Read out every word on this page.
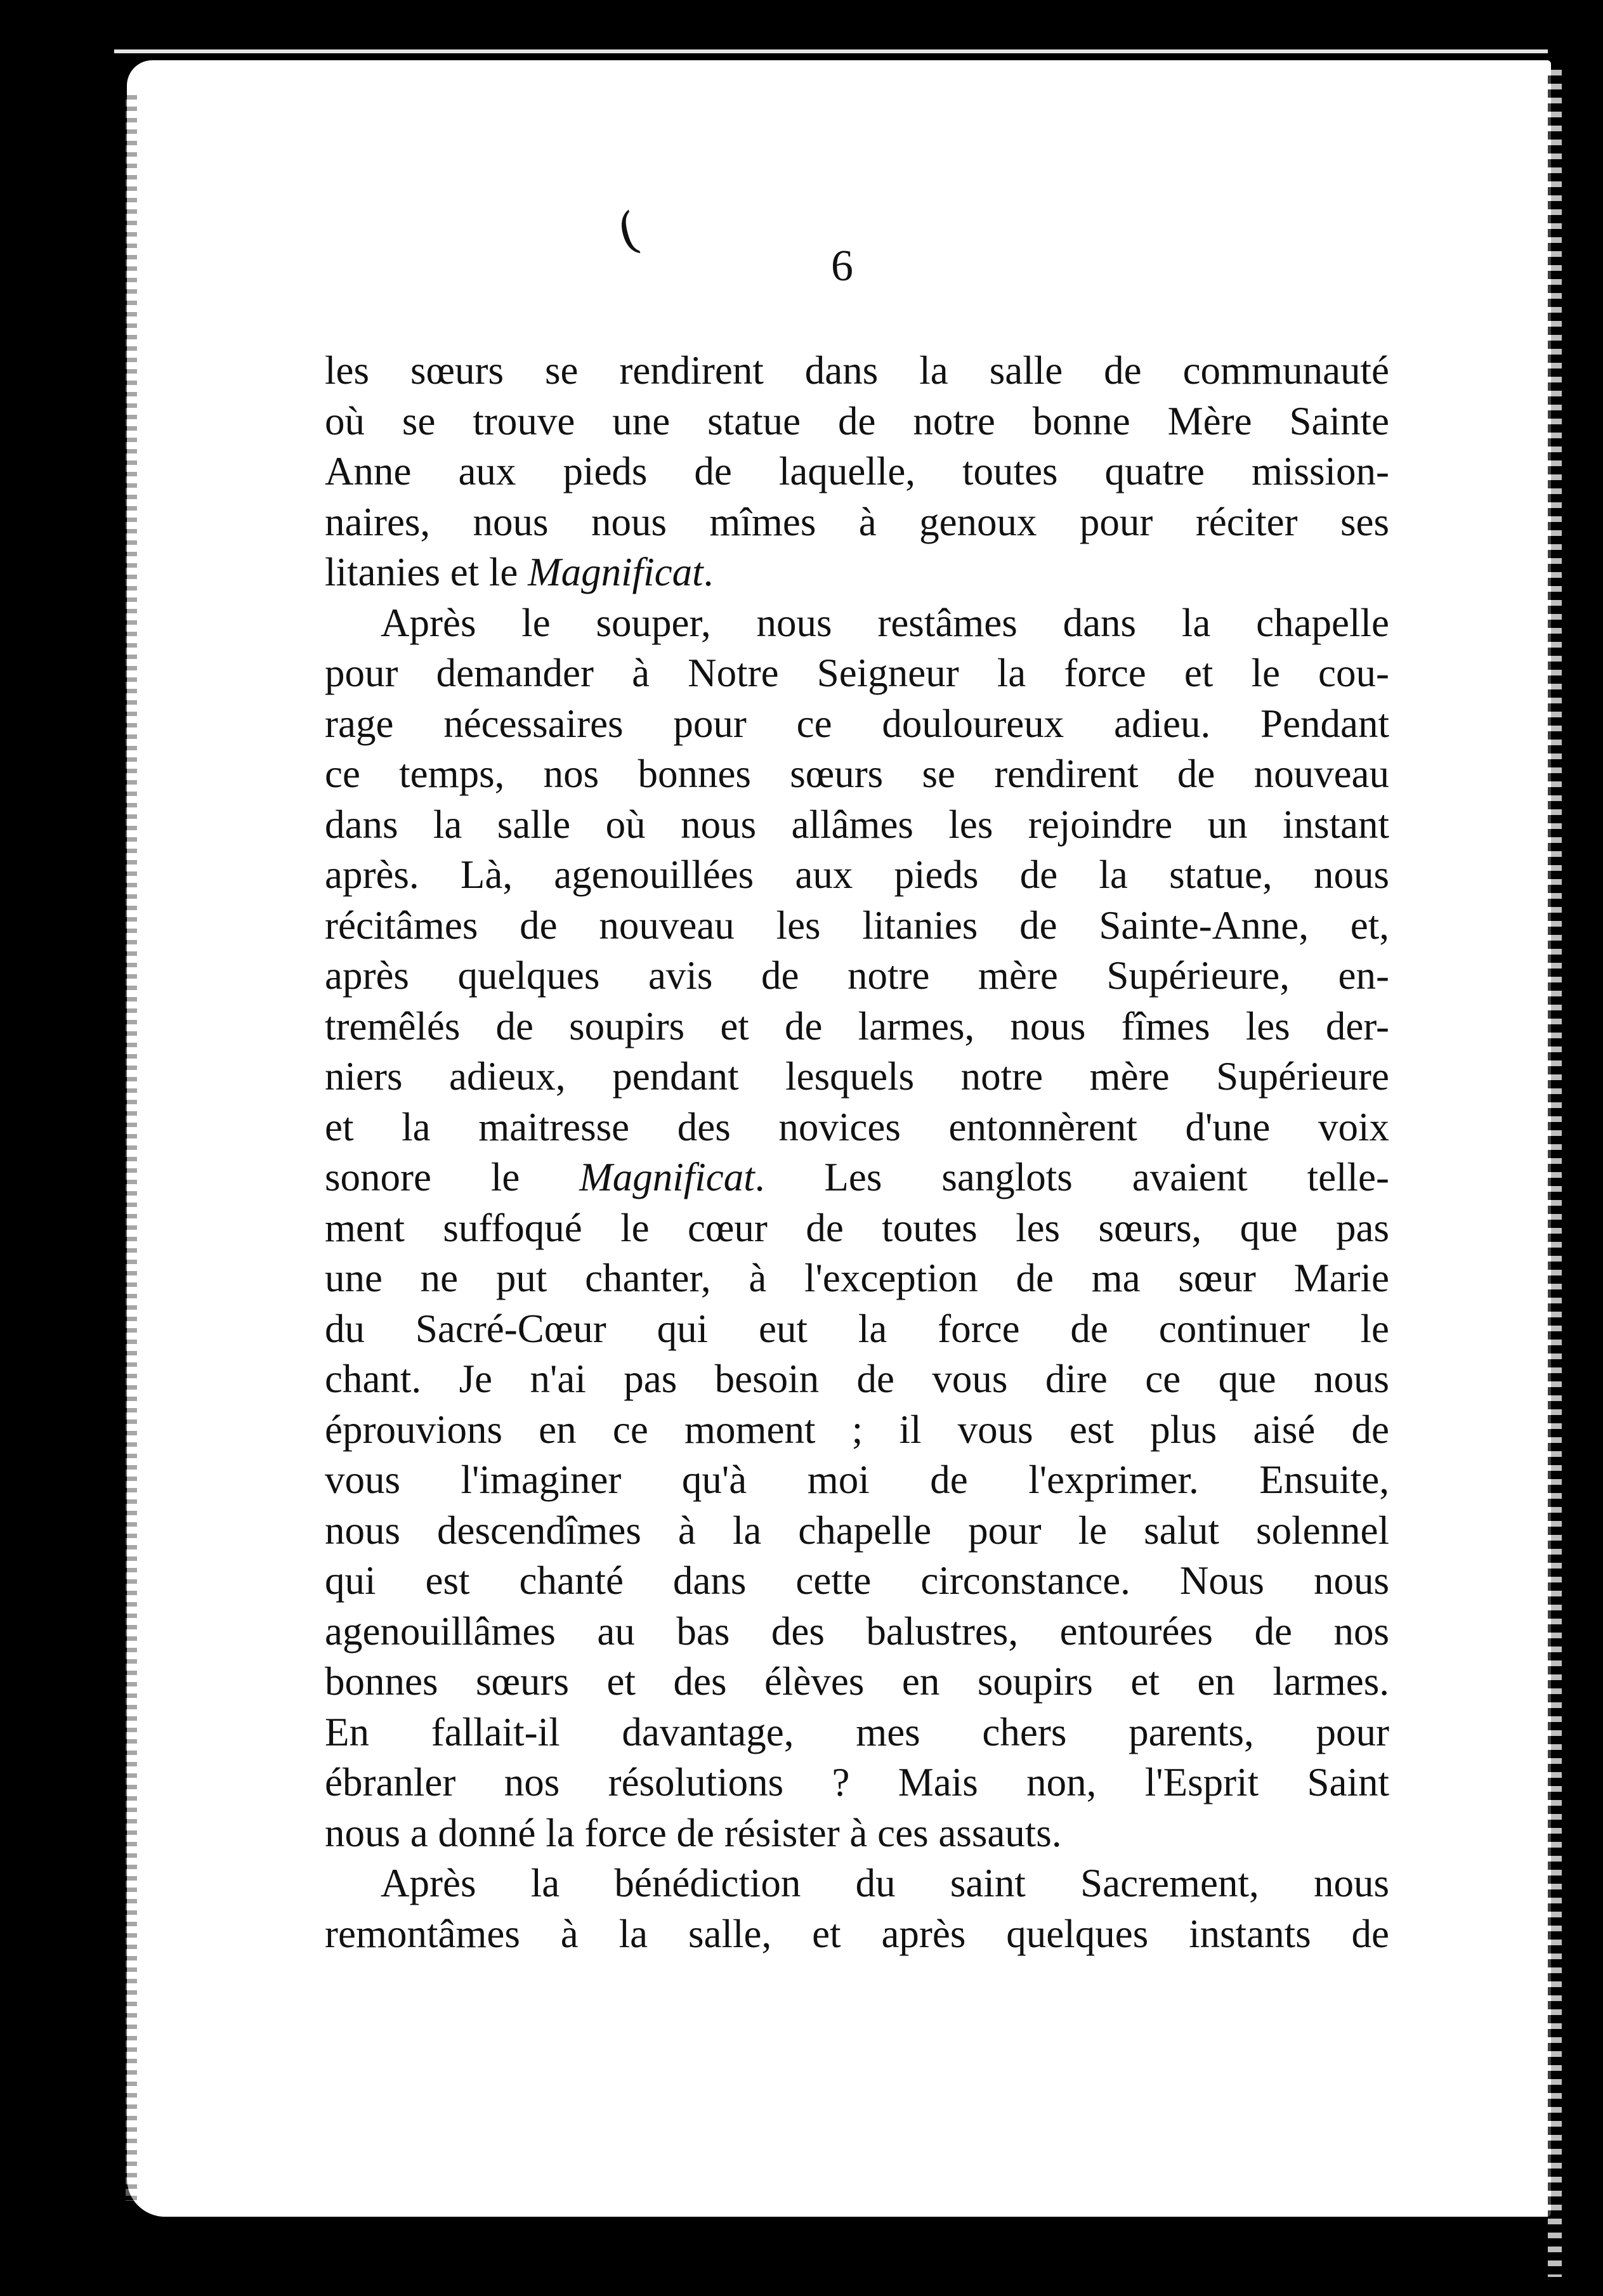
(
6
les sœurs se rendirent dans la salle de communauté
où se trouve une statue de notre bonne Mère Sainte
Anne aux pieds de laquelle, toutes quatre mission-
naires, nous nous mîmes à genoux pour réciter ses
litanies et le Magnificat.
Après le souper, nous restâmes dans la chapelle
pour demander à Notre Seigneur la force et le cou-
rage nécessaires pour ce douloureux adieu. Pendant
ce temps, nos bonnes sœurs se rendirent de nouveau
dans la salle où nous allâmes les rejoindre un instant
après. Là, agenouillées aux pieds de la statue, nous
récitâmes de nouveau les litanies de Sainte-Anne, et,
après quelques avis de notre mère Supérieure, en-
tremêlés de soupirs et de larmes, nous fîmes les der-
niers adieux, pendant lesquels notre mère Supérieure
et la maitresse des novices entonnèrent d'une voix
sonore le Magnificat. Les sanglots avaient telle-
ment suffoqué le cœur de toutes les sœurs, que pas
une ne put chanter, à l'exception de ma sœur Marie
du Sacré-Cœur qui eut la force de continuer le
chant. Je n'ai pas besoin de vous dire ce que nous
éprouvions en ce moment ; il vous est plus aisé de
vous l'imaginer qu'à moi de l'exprimer. Ensuite,
nous descendîmes à la chapelle pour le salut solennel
qui est chanté dans cette circonstance. Nous nous
agenouillâmes au bas des balustres, entourées de nos
bonnes sœurs et des élèves en soupirs et en larmes.
En fallait-il davantage, mes chers parents, pour
ébranler nos résolutions ? Mais non, l'Esprit Saint
nous a donné la force de résister à ces assauts.
Après la bénédiction du saint Sacrement, nous
remontâmes à la salle, et après quelques instants de
